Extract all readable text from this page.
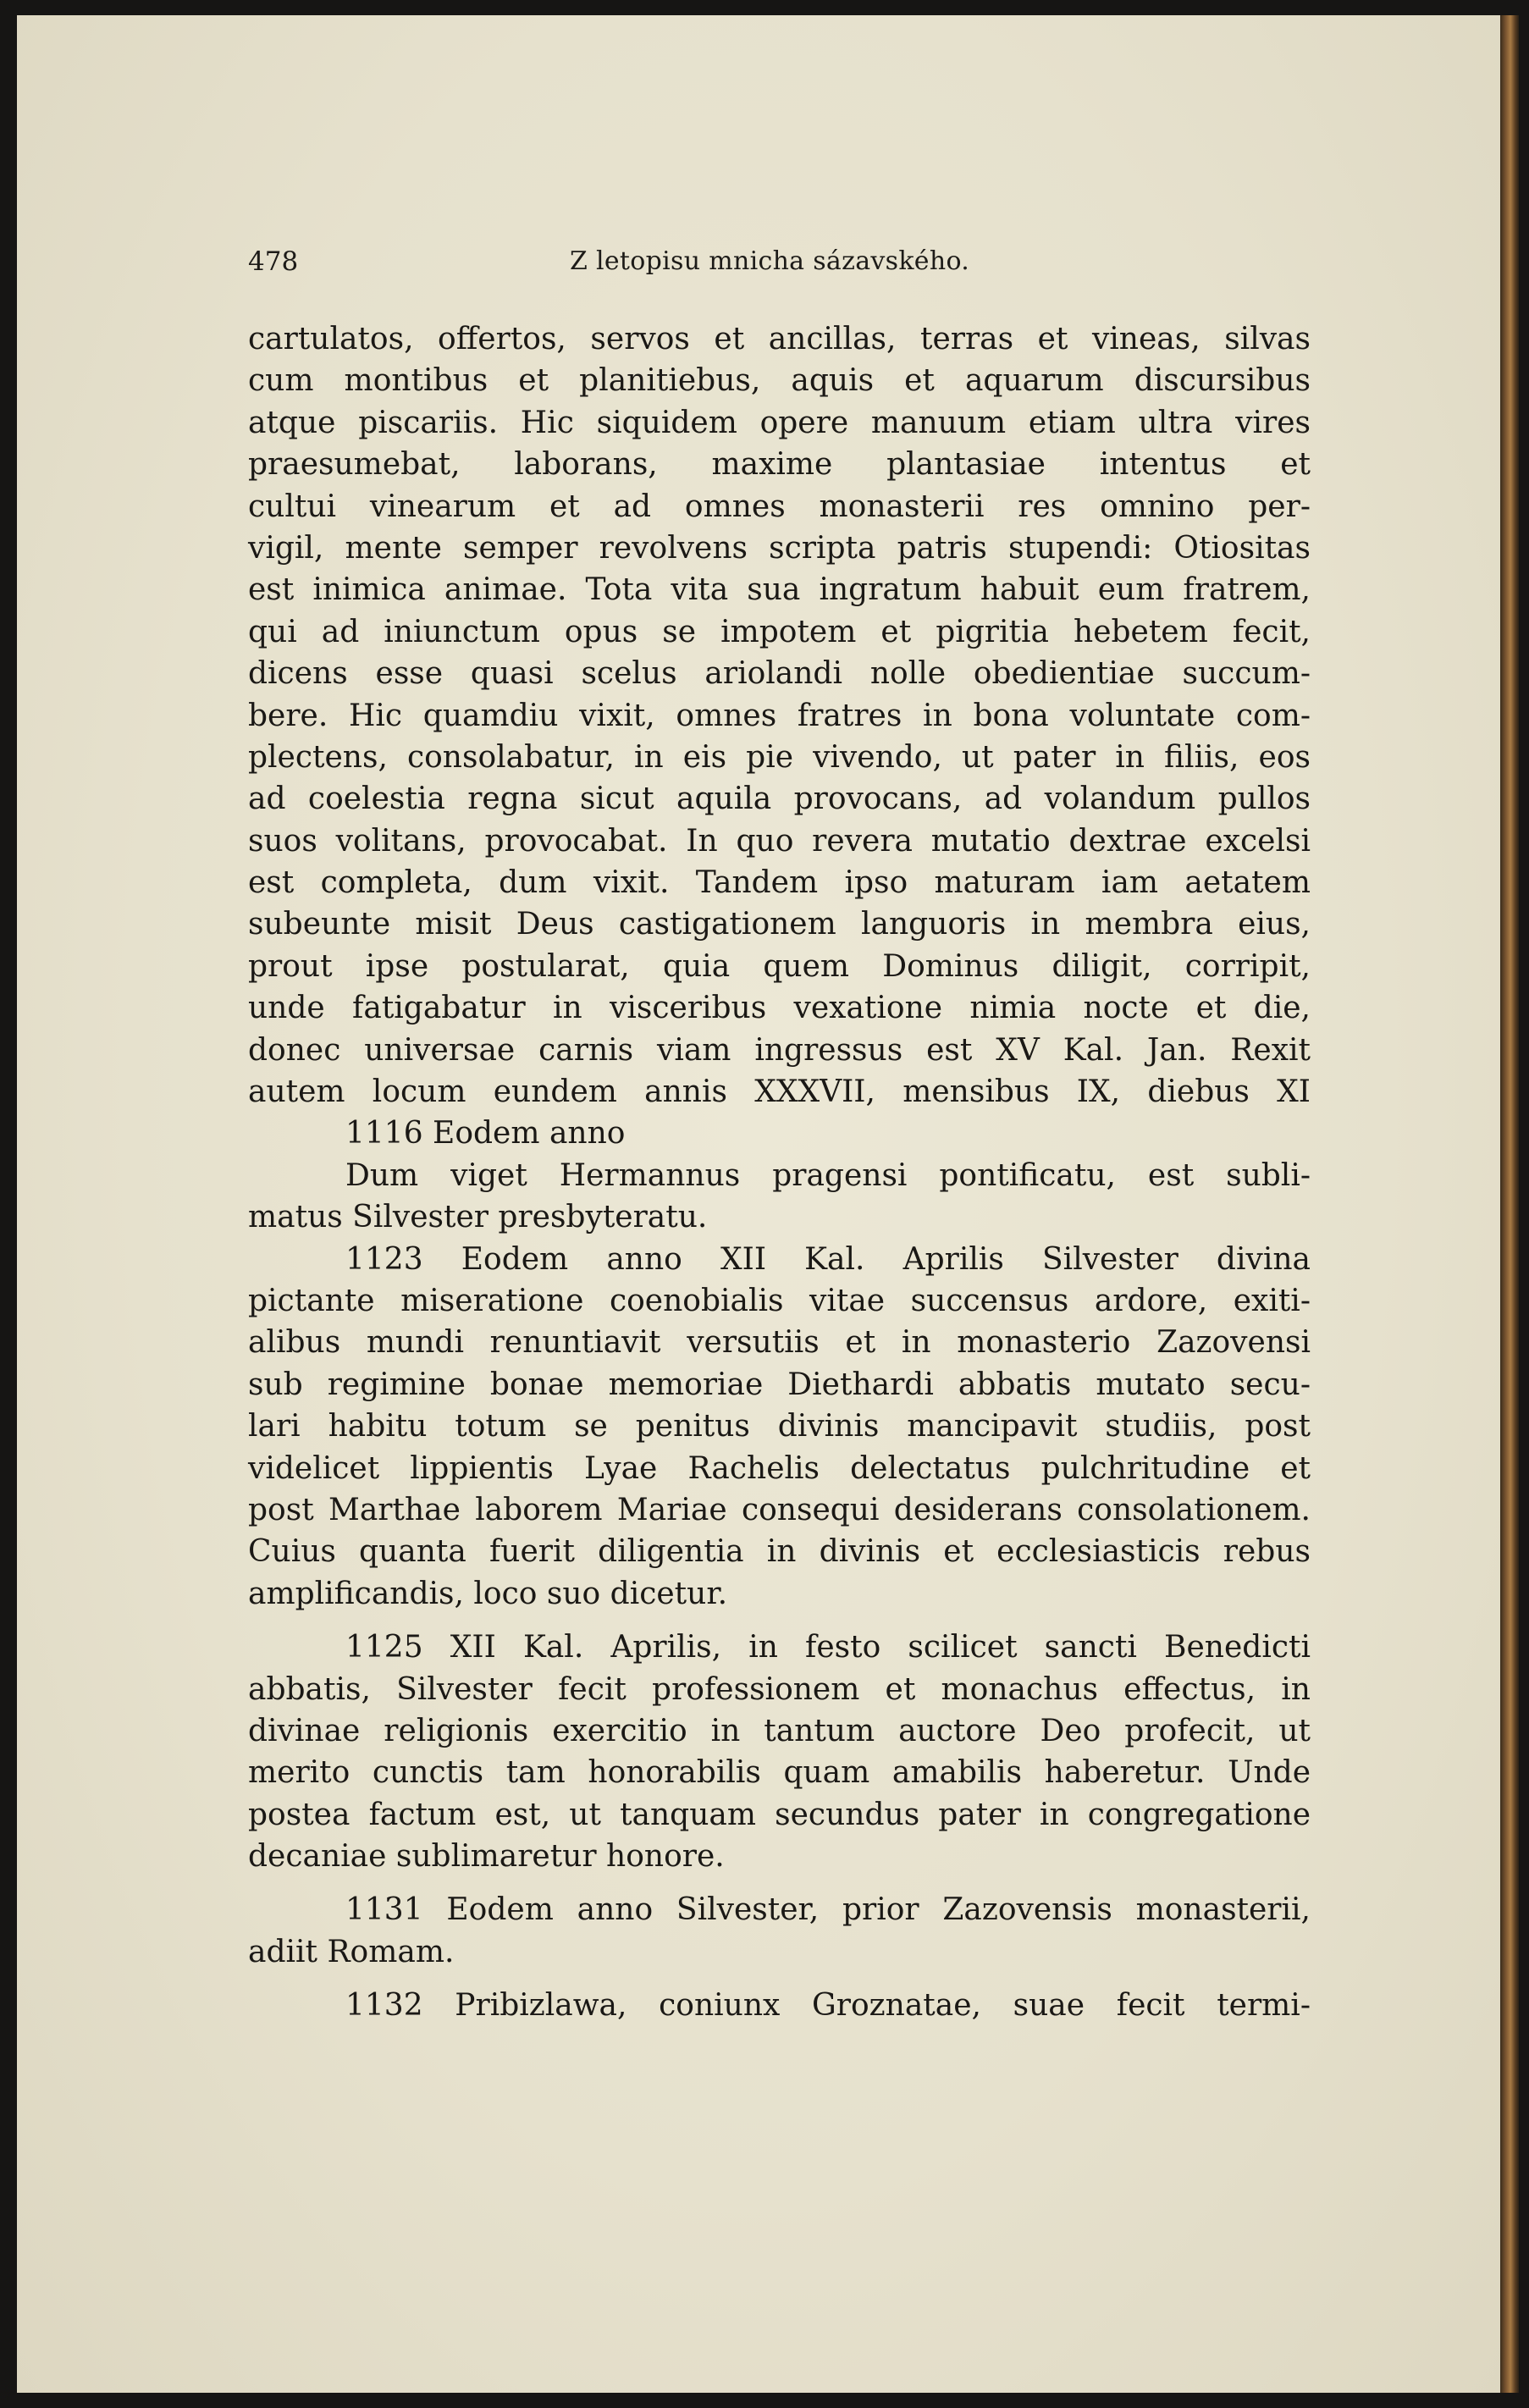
478	Z letopisu mnicha sázavského.
cartulatos, offertos, servos et ancillas, terras et vineas, silvas
cum montibus et planitiebus, aquis et aquarum discursibus
atque piscariis. Hic siquidem opere manuum etiam ultra vires
praesumebat, laborans, maxime plantasiae intentus et
cultui vinearum et ad omnes monasterii res omnino per-
vigil, mente semper revolvens scripta patris stupendi: Otiositas
est inimica animae. Tota vita sua ingratum habuit eum fratrem,
qui ad iniunctum opus se impotem et pigritia hebetem fecit,
dicens esse quasi scelus ariolandi nolle obedientiae succum-
bere. Hic quamdiu vixit, omnes fratres in bona voluntate com-
plectens, consolabatur, in eis pie vivendo, ut pater in filiis, eos
ad coelestia regna sicut aquila provocans, ad volandum pullos
suos volitans, provocabat. In quo revera mutatio dextrae excelsi
est completa, dum vixit. Tandem ipso maturam iam aetatem
subeunte misit Deus castigationem languoris in membra eius,
prout ipse postularat, quia quem Dominus diligit, corripit,
unde fatigabatur in visceribus vexatione nimia nocte et die,
donec universae carnis viam ingressus est XV Kal. Jan. Rexit
autem locum eundem annis XXXVII, mensibus IX, diebus XI
1116 Eodem anno
Dum viget Hermannus pragensi pontificatu, est subli-
matus Silvester presbyteratu.
1123 Eodem anno XII Kal. Aprilis Silvester divina
pictante miseratione coenobialis vitae succensus ardore, exiti-
alibus mundi renuntiavit versutiis et in monasterio Zazovensi
sub regimine bonae memoriae Diethardi abbatis mutato secu-
lari habitu totum se penitus divinis mancipavit studiis, post
videlicet lippientis Lyae Rachelis delectatus pulchritudine et
post Marthae laborem Mariae consequi desiderans consolationem.
Cuius quanta fuerit diligentia in divinis et ecclesiasticis rebus
amplificandis, loco suo dicetur.
1125 XII Kal. Aprilis, in festo scilicet sancti Benedicti
abbatis, Silvester fecit professionem et monachus effectus, in
divinae religionis exercitio in tantum auctore Deo profecit, ut
merito cunctis tam honorabilis quam amabilis haberetur. Unde
postea factum est, ut tanquam secundus pater in congregatione
decaniae sublimaretur honore.
1131 Eodem anno Silvester, prior Zazovensis monasterii,
adiit Romam.
1132 Pribizlawa, coniunx Groznatae, suae fecit termi-
